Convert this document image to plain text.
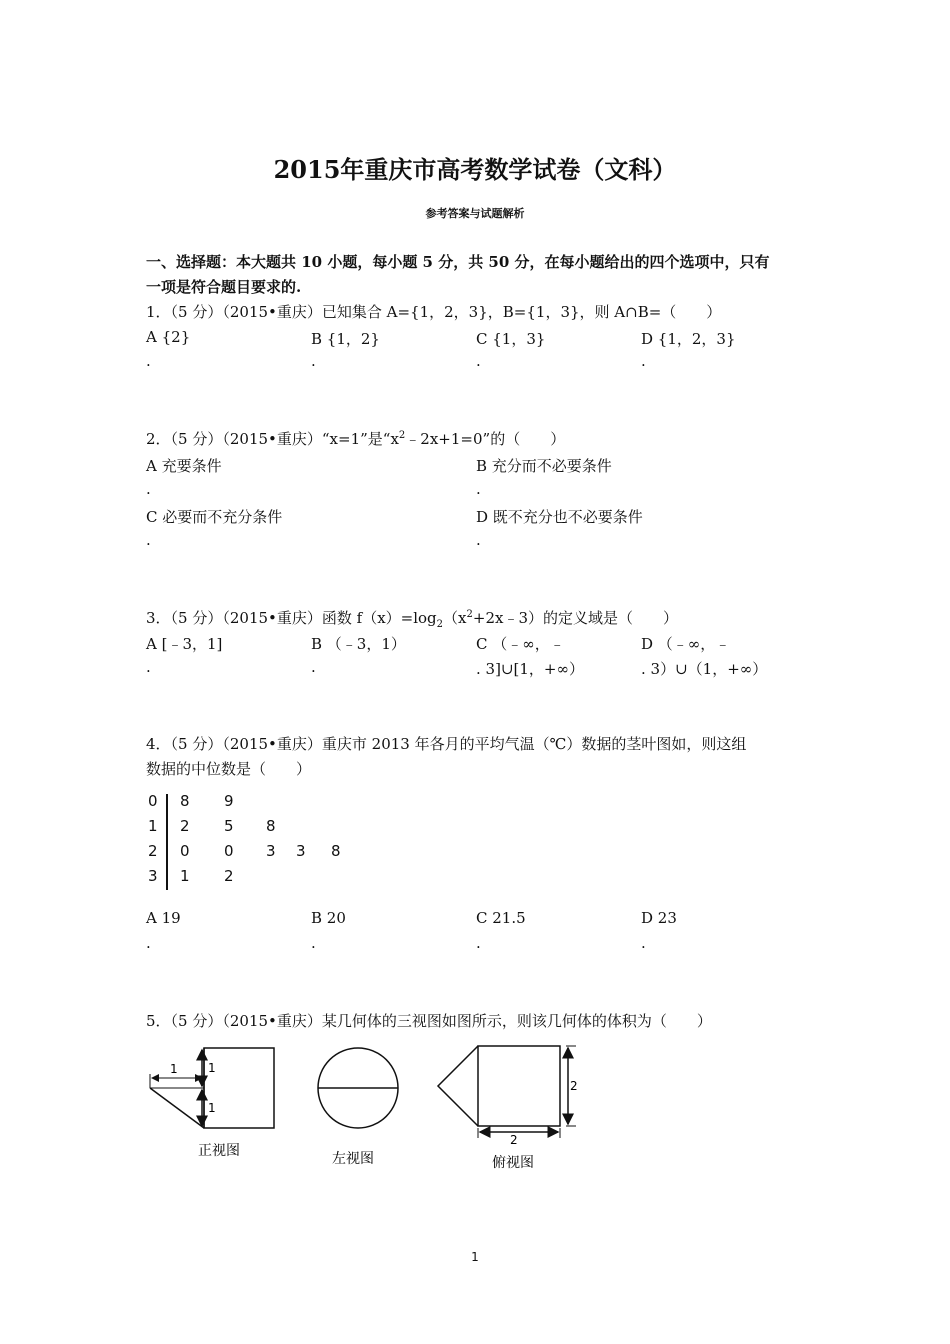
2015年重庆市高考数学试卷（文科）
参考答案与试题解析
一、选择题：本大题共 10 小题，每小题 5 分，共 50 分，在每小题给出的四个选项中，只有
一项是符合题目要求的.
1．（5 分）（2015•重庆）已知集合 A={1，2，3}，B={1，3}，则 A∩B=（　　）
A {2}	B {1，2}	C {1，3}	D {1，2，3}
.	.	.	.
2．（5 分）（2015•重庆）“x=1”是“$x^2﹣2x+1=0$”的（　　）
A 充要条件	B 充分而不必要条件
.	.
C 必要而不充分条件	D 既不充分也不必要条件
.	.
3．（5 分）（2015•重庆）函数 $f(x)=\log_2(x^2+2x﹣3)$的定义域是（　　）
A [﹣3，1]	B （﹣3，1）	C （﹣∞，﹣	D （﹣∞，﹣
.	.	. 3]∪[1，+∞）	. 3）∪（1，+∞）
4．（5 分）（2015•重庆）重庆市 2013 年各月的平均气温（℃）数据的茎叶图如，则这组
数据的中位数是（　　）
0 8 9
1 2 5 8
2 0 0 3 3 8
3 1 2
A 19	B 20	C 21.5	D 23
.	.	.	.
5．（5 分）（2015•重庆）某几何体的三视图如图所示，则该几何体的体积为（　　）
1	1
1
正视图	左视图
2
2
俯视图
1
